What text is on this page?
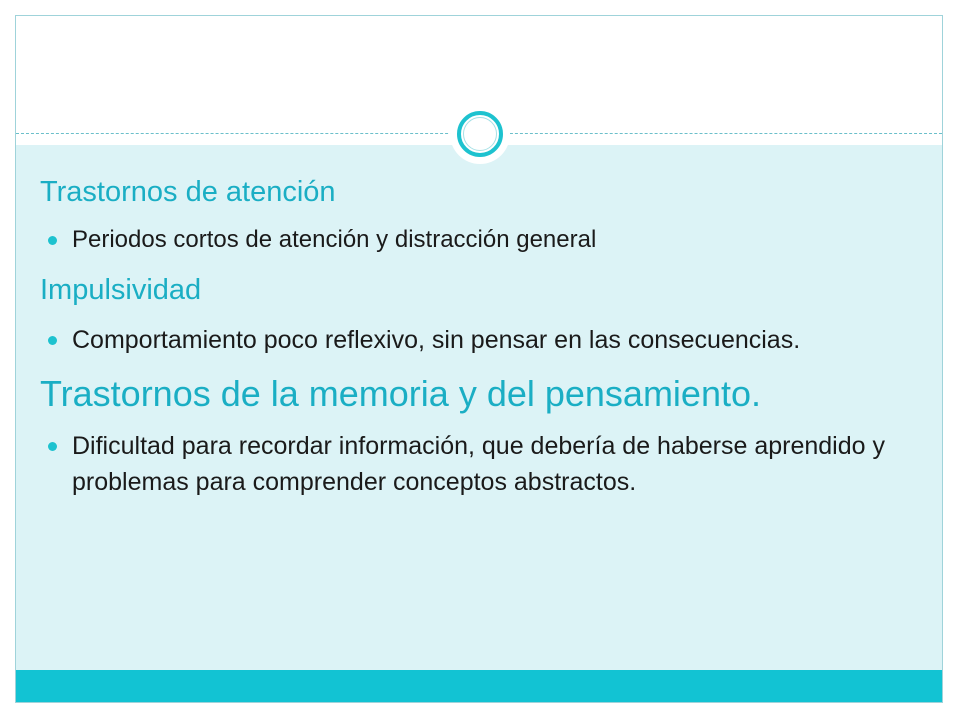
Trastornos de atención

Periodos cortos de atención y distracción general

Impulsividad

Comportamiento poco reflexivo, sin pensar en las consecuencias.

Trastornos de la memoria y del pensamiento.

Dificultad para recordar información, que debería de haberse aprendido y problemas para comprender conceptos abstractos.
